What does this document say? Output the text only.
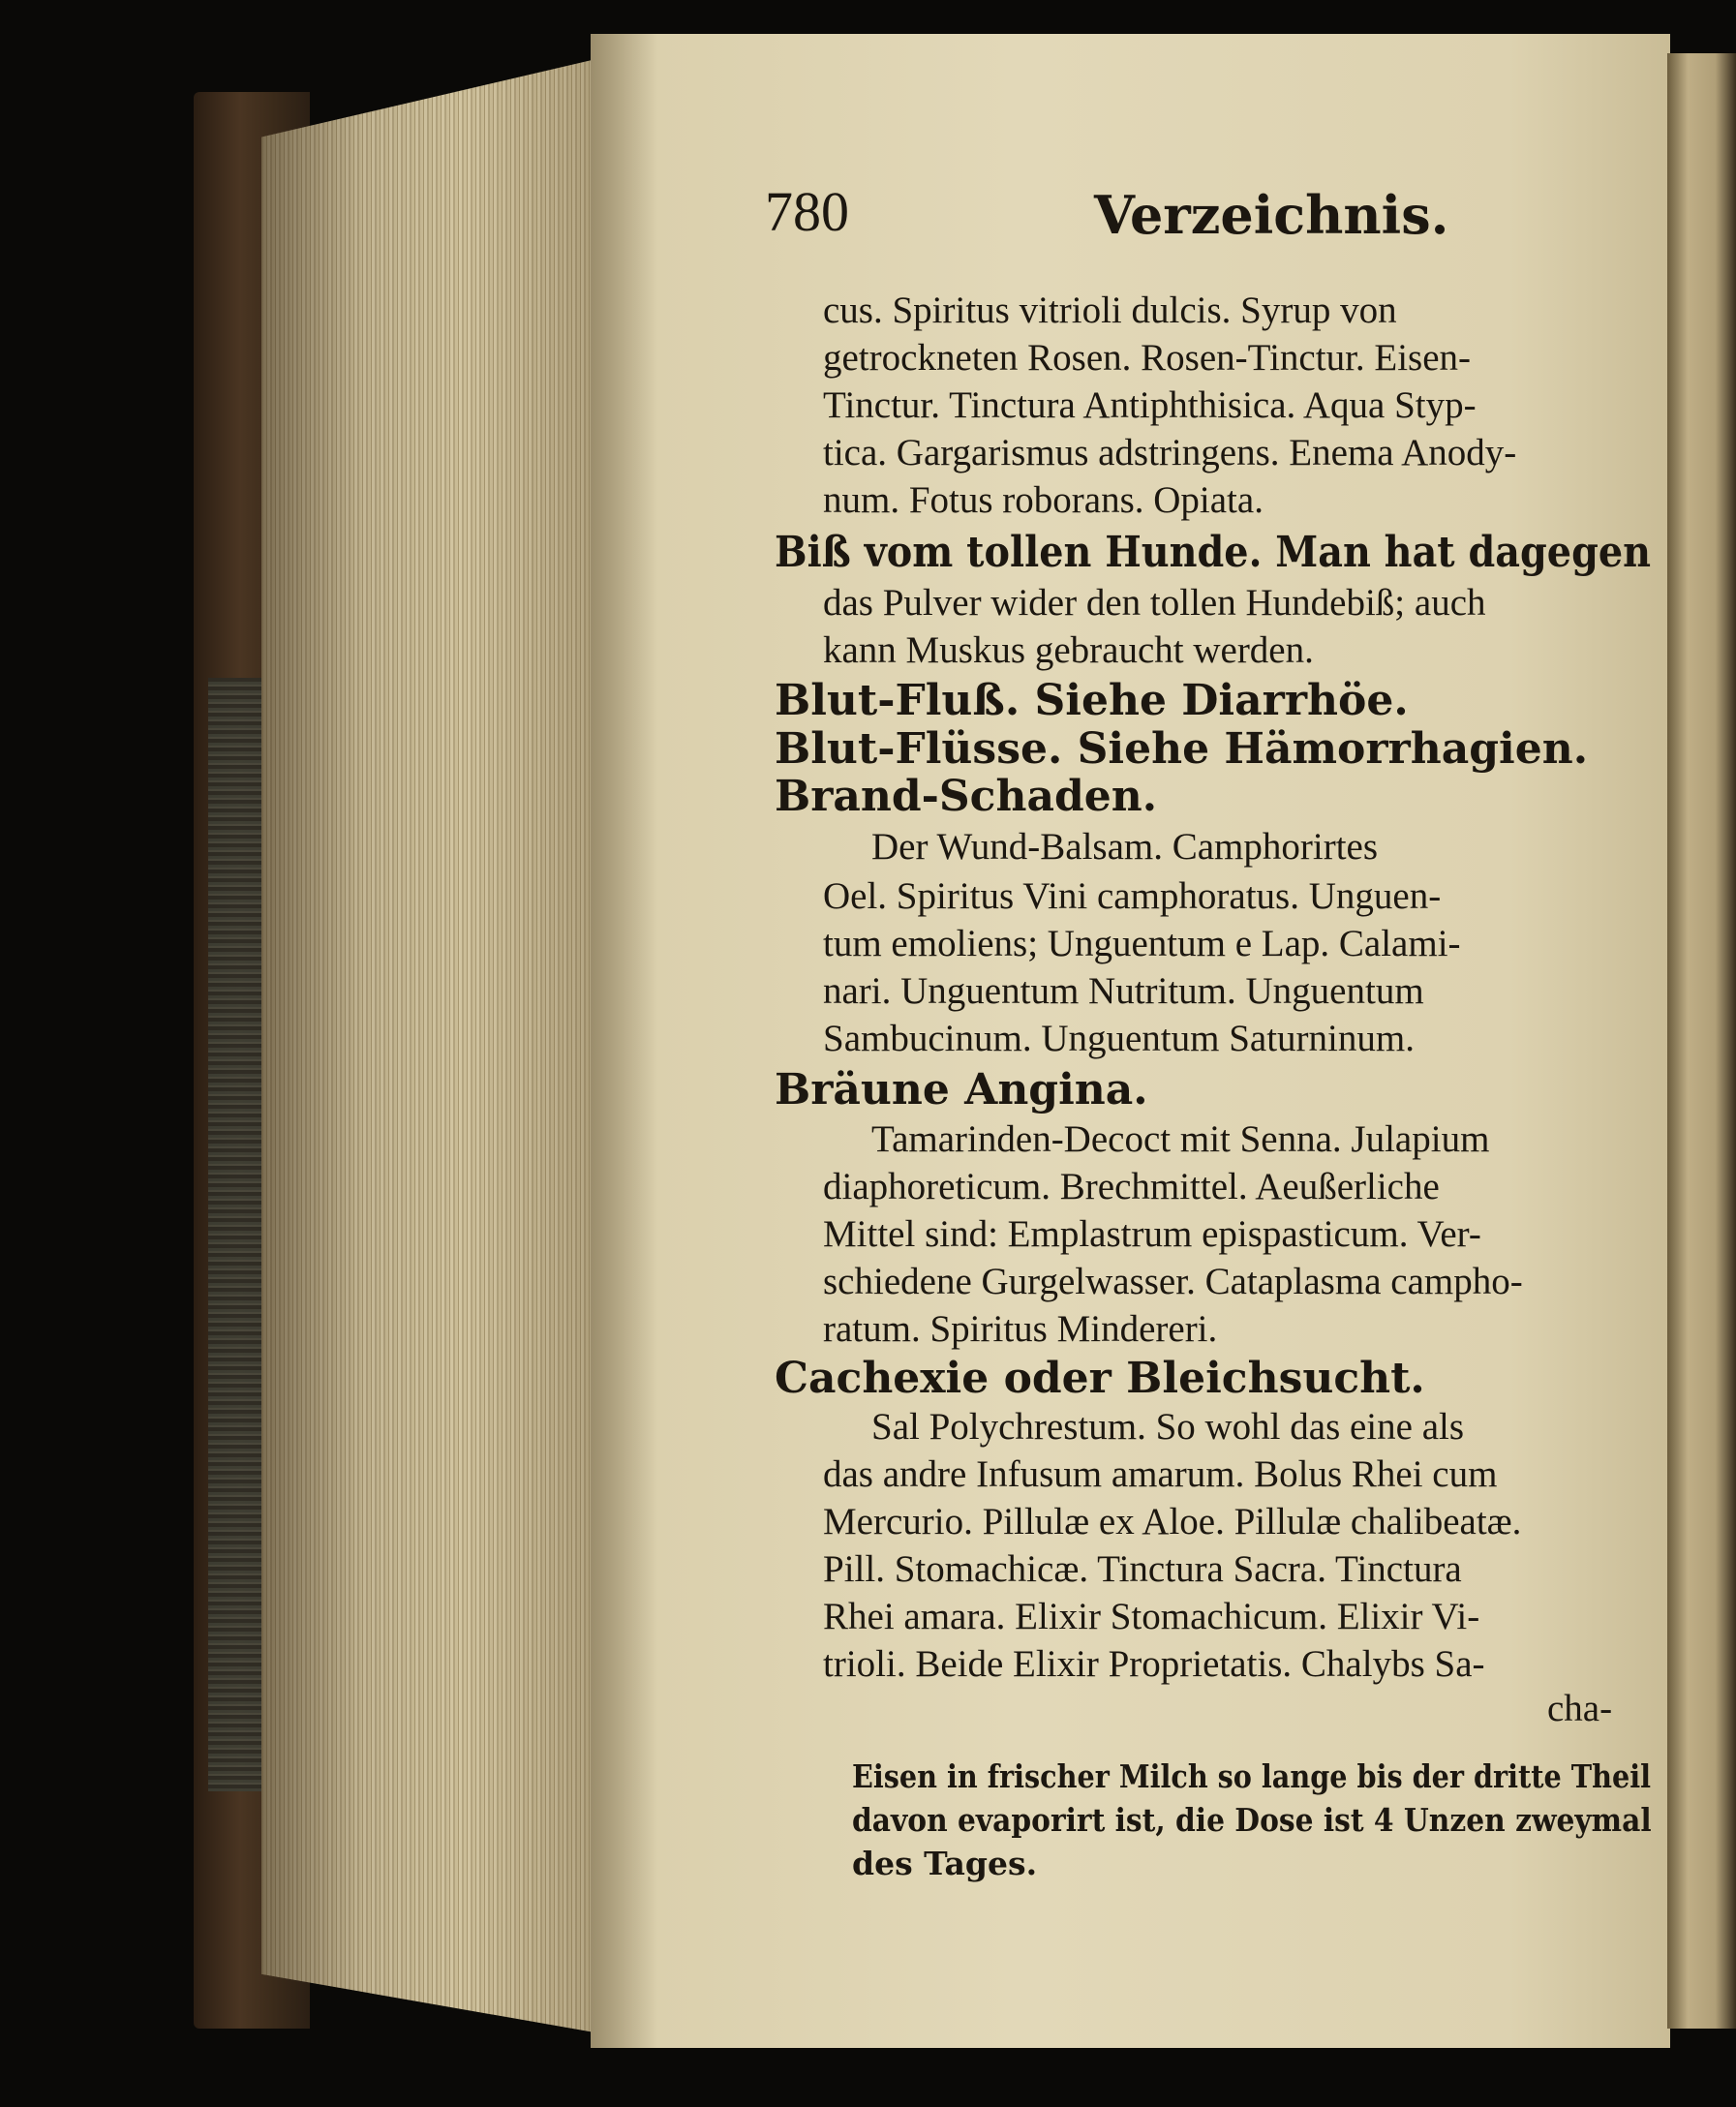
780	Verzeichnis.
cus. Spiritus vitrioli dulcis. Syrup von
getrockneten Rosen. Rosen-Tinctur. Eisen-
Tinctur. Tinctura Antiphthisica. Aqua Styp-
tica. Gargarismus adstringens. Enema Anody-
num. Fotus roborans. Opiata.
Biß vom tollen Hunde. Man hat dagegen
das Pulver wider den tollen Hundebiß; auch
kann Muskus gebraucht werden.
Blut-Fluß. Siehe Diarrhöe.
Blut-Flüsse. Siehe Hämorrhagien.
Brand-Schaden.
Der Wund-Balsam. Camphorirtes
Oel. Spiritus Vini camphoratus. Unguen-
tum emoliens; Unguentum e Lap. Calami-
nari. Unguentum Nutritum. Unguentum
Sambucinum. Unguentum Saturninum.
Bräune Angina.
Tamarinden-Decoct mit Senna. Julapium
diaphoreticum. Brechmittel. Aeußerliche
Mittel sind: Emplastrum epispasticum. Ver-
schiedene Gurgelwasser. Cataplasma campho-
ratum. Spiritus Mindereri.
Cachexie oder Bleichsucht.
Sal Polychrestum. So wohl das eine als
das andre Infusum amarum. Bolus Rhei cum
Mercurio. Pillulæ ex Aloe. Pillulæ chalibeatæ.
Pill. Stomachicæ. Tinctura Sacra. Tinctura
Rhei amara. Elixir Stomachicum. Elixir Vi-
trioli. Beide Elixir Proprietatis. Chalybs Sa-
cha-
Eisen in frischer Milch so lange bis der dritte Theil
davon evaporirt ist, die Dose ist 4 Unzen zweymal
des Tages.
